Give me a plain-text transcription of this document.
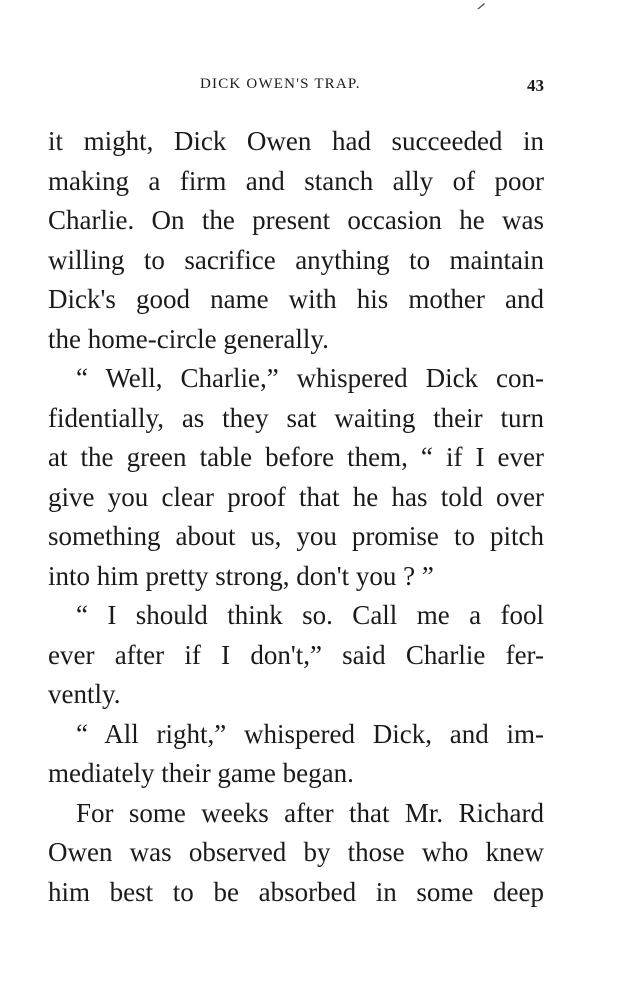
DICK OWEN'S TRAP.	43
it might, Dick Owen had succeeded in
making a firm and stanch ally of poor
Charlie. On the present occasion he was
willing to sacrifice anything to maintain
Dick's good name with his mother and
the home-circle generally.
“ Well, Charlie,” whispered Dick con-
fidentially, as they sat waiting their turn
at the green table before them, “ if I ever
give you clear proof that he has told over
something about us, you promise to pitch
into him pretty strong, don't you ? ”
“ I should think so. Call me a fool
ever after if I don't,” said Charlie fer-
vently.
“ All right,” whispered Dick, and im-
mediately their game began.
For some weeks after that Mr. Richard
Owen was observed by those who knew
him best to be absorbed in some deep
